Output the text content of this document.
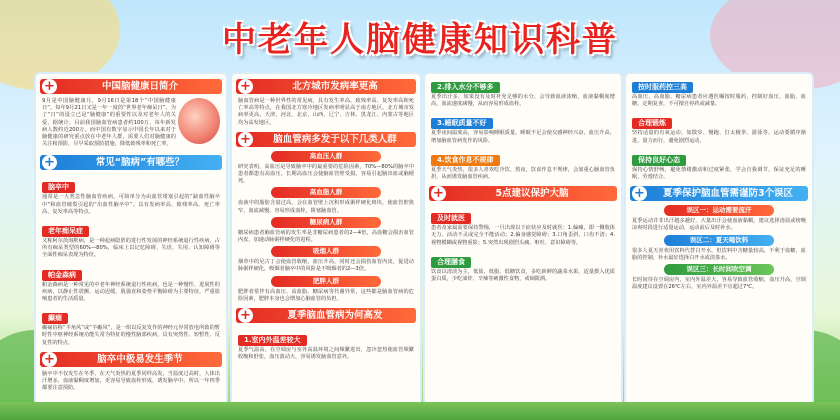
中老年人脑健康知识科普
+	中国脑健康日简介
9月是中国脑健康月，9月16日是第18个“中国脑健康日”。每年9月21日又是一年一度的“世界老年痴呆日”。为了“日”的设立已是“脑健康”的重要性以及对老年人的关爱，据统计，目前我国脑血管病患者约100万，每年新发病人数约近200万，而中国有数字显示中国长年以来对于脑健康的研究重点放在中老年人群，需要人们对脑健康的关注和预防，尽早采取预防措施，降低致残率和死亡率。
+	常见“脑病”有哪些？
脑卒中
通常是一大类急性脑血管疾病，可简单分为由血管堵塞引起的“缺血性脑卒中”和血管破裂引起的“出血性脑卒中”。具有发病率高、致残率高、死亡率高、复发率高等特点。
老年痴呆症
又称阿尔茨海默病，是一种起病隐匿的进行性发展的神经系统退行性疾病，占所有痴呆类型的60%—80%，临床上以记忆障碍、失语、失用、认知障碍等全面性痴呆表现为特征。
帕金森病
帕金森病是一种常见的中老年神经系统退行性疾病，也是一种慢性、进展性的疾病，以静止性震颤、运动迟缓、肌强直和姿势平衡障碍为主要特征，严重影响患者的生活质量。
癫痫
癫痫俗称“羊角风”或“羊癫风”，是一组以反复发作的神经元异常放电所致的暂时性中枢神经系统功能失常为特征的慢性脑部疾病，具有突然性、短暂性、反复性的特点。
+	脑卒中极易发生季节
脑卒中不仅发生在冬季，在天气炎热的夏季同样高发，当温度过高时，人体出汗增多，血液黏稠度增加，更容易导致血栓形成，诱发脑卒中。所以一年四季都要注意预防。
+	北方城市发病率更高
脑血管病是一种世界性的常见病，具有发生率高、致残率高、复发率高和死亡率高等特点，在我国北方寒冷地区发病率明显高于南方地区。北方城市发病率更高，天津、河北、北京、山西、辽宁、吉林、黑龙江、内蒙古等地区均为高发地区。
+	脑血管病多发于以下几类人群
高血压人群
研究表明，高血压是导致脑卒中的最重要的危险因素，70%—80%的脑卒中患者都患有高血压。长期高血压会使脑血管壁受损，容易引起脑出血或脑梗死。
高血脂人群
血液中的脂肪含量过高，会在血管壁上沉积形成粥样硬化斑块，使血管腔狭窄，血流减慢，容易形成血栓，阻塞脑血管。
糖尿病人群
糖尿病患者脑血管病的发生率是非糖尿病患者的2—4倍，高血糖会损害血管内皮，加速动脉粥样硬化的进程。
吸烟人群
烟草中的尼古丁会使血管收缩，血压升高，同时还会损伤血管内皮，促进动脉粥样硬化，吸烟者脑卒中的风险是不吸烟者的2—3倍。
肥胖人群
肥胖者常伴有高血压、高血脂、糖尿病等代谢异常，这些都是脑血管病的危险因素，肥胖本身也会增加心脑血管的负担。
+	夏季脑血管病为何高发
1.室内外温差较大
夏季气温高，在空调房与室外高温环境之间频繁进出，忽冷忽热使血管频繁收缩和舒张，血压波动大，容易诱发脑血管意外。
2.排入水分不够多
夏季出汗多，如果没有及时补充足够的水分，会导致血液浓缩，血液黏稠度增高，血流速度减慢，从而容易形成血栓。
3.睡眠质量不好
夏季夜间温度高，容易影响睡眠质量，睡眠不足会使交感神经兴奋，血压升高，增加脑血管病发作的风险。
4.饮食作息不规律
夏季天气炎热，很多人喜欢吃冷饮、熬夜，饮食作息不规律，会加重心脑血管负担，从而诱发脑血管疾病。
+	5点建议保护大脑
及时就医
患者及家属需要保持警惕，一旦出现以下症状应及时就医：1.偏瘫，即一侧肢体无力、活动不灵或完全不能活动；2.偏身感觉障碍；3.口角歪斜，口齿不清；4.视物模糊或视物重影；5.突然出现剧烈头痛、呕吐、意识障碍等。
合理膳食
饮食以清淡为主，低盐、低脂、低糖饮食，多吃新鲜的蔬菜水果，适量摄入优质蛋白质，少吃油炸、辛辣等刺激性食物，戒烟限酒。
按时服药控三高
高血压、高血脂、糖尿病患者应遵医嘱按时服药，控制好血压、血脂、血糖，定期复查，不可擅自停药或减量。
合理锻炼
坚持适量的有氧运动，如散步、慢跑、打太极拳、游泳等，运动要循序渐进，量力而行，避免剧烈运动。
保持良好心态
保持心情舒畅，避免情绪激动和过度紧张，学会自我调节，保证充足的睡眠，劳逸结合。
+	夏季保护脑血管需谨防3个误区
误区一：运动需要流汗
夏季运动并非出汗越多越好，大量出汗会使血液黏稠，建议选择清晨或傍晚凉爽时段进行适量运动，运动前后及时补水。
误区二：夏天喝饮料
很多人夏天喜欢用饮料代替白开水，但饮料中含糖量较高，不利于血糖、血脂的控制，补水最好选择白开水或淡茶水。
误区三：长时间吹空调
长时间待在空调房内，室内外温差大，容易导致血管收缩，血压升高，空调温度建议设置在26℃左右，室内外温差不宜超过7℃。
